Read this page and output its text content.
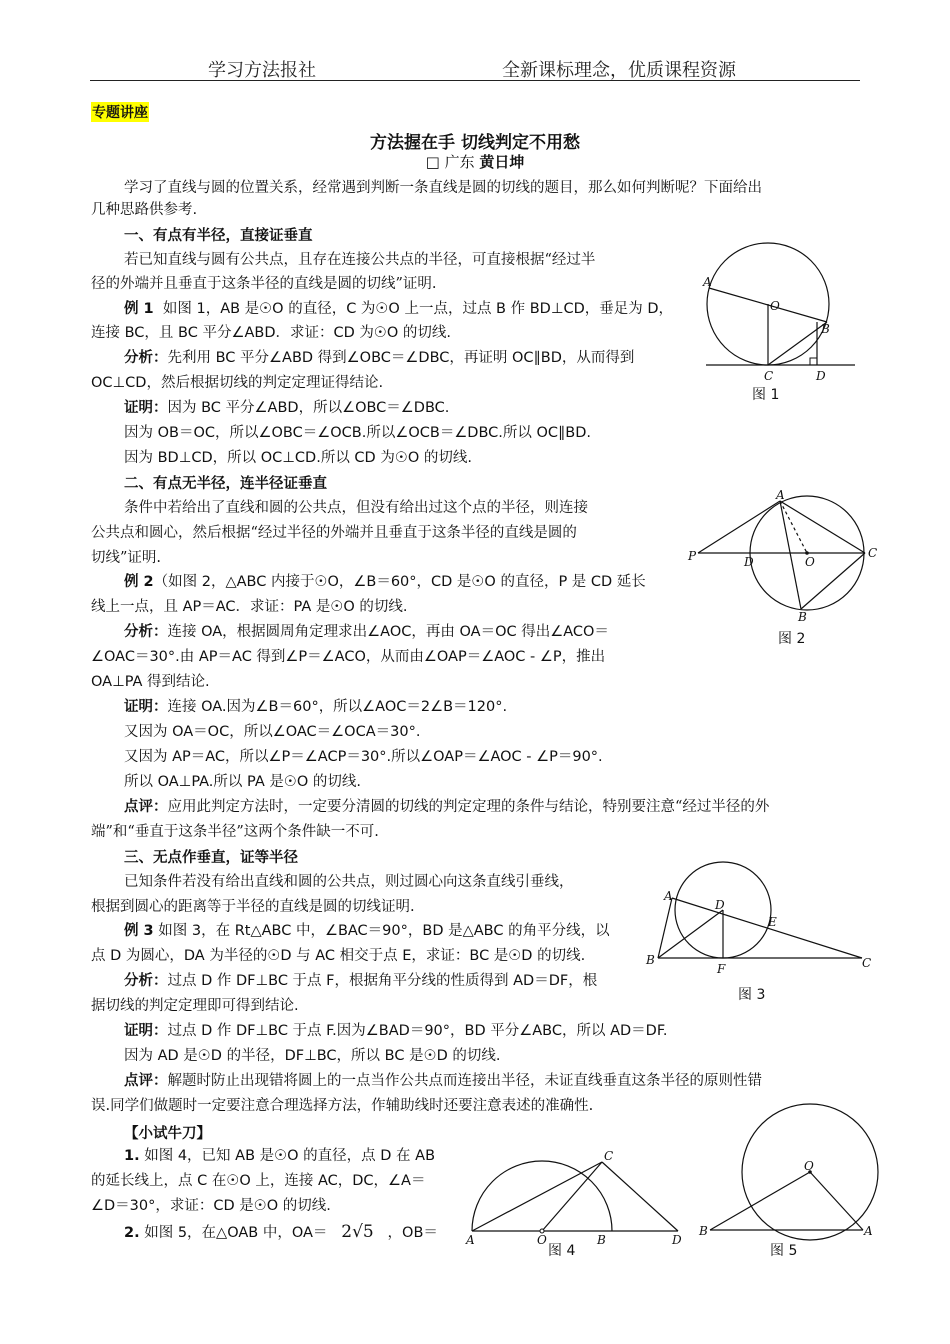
学习方法报社	全新课标理念，优质课程资源
专题讲座
方法握在手 切线判定不用愁
□ 广东 黄日坤
学习了直线与圆的位置关系，经常遇到判断一条直线是圆的切线的题目，那么如何判断呢？下面给出
几种思路供参考.
一、有点有半径，直接证垂直
若已知直线与圆有公共点，且存在连接公共点的半径，可直接根据“经过半
径的外端并且垂直于这条半径的直线是圆的切线”证明.
例 1 如图 1，AB 是☉O 的直径，C 为☉O 上一点，过点 B 作 BD⊥CD，垂足为 D，
连接 BC，且 BC 平分∠ABD．求证：CD 为☉O 的切线.
分析：先利用 BC 平分∠ABD 得到∠OBC＝∠DBC，再证明 OC∥BD，从而得到
OC⊥CD，然后根据切线的判定定理证得结论.
证明：因为 BC 平分∠ABD，所以∠OBC＝∠DBC.
因为 OB＝OC，所以∠OBC＝∠OCB.所以∠OCB＝∠DBC.所以 OC∥BD.
因为 BD⊥CD，所以 OC⊥CD.所以 CD 为☉O 的切线.
A
O
B
C	D
图 1
二、有点无半径，连半径证垂直
条件中若给出了直线和圆的公共点，但没有给出过这个点的半径，则连接
公共点和圆心，然后根据“经过半径的外端并且垂直于这条半径的直线是圆的
切线”证明.
例 2（如图 2，△ABC 内接于☉O，∠B＝60°，CD 是☉O 的直径，P 是 CD 延长
线上一点，且 AP＝AC．求证：PA 是☉O 的切线.
分析：连接 OA，根据圆周角定理求出∠AOC，再由 OA＝OC 得出∠ACO＝
∠OAC＝30°.由 AP＝AC 得到∠P＝∠ACO，从而由∠OAP＝∠AOC - ∠P，推出
OA⊥PA 得到结论.
证明：连接 OA.因为∠B＝60°，所以∠AOC＝2∠B＝120°.
又因为 OA＝OC，所以∠OAC＝∠OCA＝30°.
又因为 AP＝AC，所以∠P＝∠ACP＝30°.所以∠OAP＝∠AOC - ∠P＝90°.
所以 OA⊥PA.所以 PA 是☉O 的切线.
点评：应用此判定方法时，一定要分清圆的切线的判定定理的条件与结论，特别要注意“经过半径的外
端”和“垂直于这条半径”这两个条件缺一不可.
A
P	D	O
C
B
图 2
三、无点作垂直，证等半径
已知条件若没有给出直线和圆的公共点，则过圆心向这条直线引垂线，
根据到圆心的距离等于半径的直线是圆的切线证明.
例 3 如图 3，在 Rt△ABC 中，∠BAC＝90°，BD 是△ABC 的角平分线，以
点 D 为圆心，DA 为半径的☉D 与 AC 相交于点 E，求证：BC 是☉D 的切线.
分析：过点 D 作 DF⊥BC 于点 F，根据角平分线的性质得到 AD＝DF，根
据切线的判定定理即可得到结论.
证明：过点 D 作 DF⊥BC 于点 F.因为∠BAD＝90°，BD 平分∠ABC，所以 AD＝DF.
因为 AD 是☉D 的半径，DF⊥BC，所以 BC 是☉D 的切线.
点评：解题时防止出现错将圆上的一点当作公共点而连接出半径，未证直线垂直这条半径的原则性错
误.同学们做题时一定要注意合理选择方法，作辅助线时还要注意表述的准确性.
A
D
E
B
F	C
图 3
【小试牛刀】
1. 如图 4，已知 AB 是☉O 的直径，点 D 在 AB
的延长线上，点 C 在☉O 上，连接 AC，DC，∠A＝
∠D＝30°，求证：CD 是☉O 的切线.
2. 如图 5，在△OAB 中，OA＝ 2√5 ，OB＝
C
A	O	B	D
图 4
O
B	A
图 5
